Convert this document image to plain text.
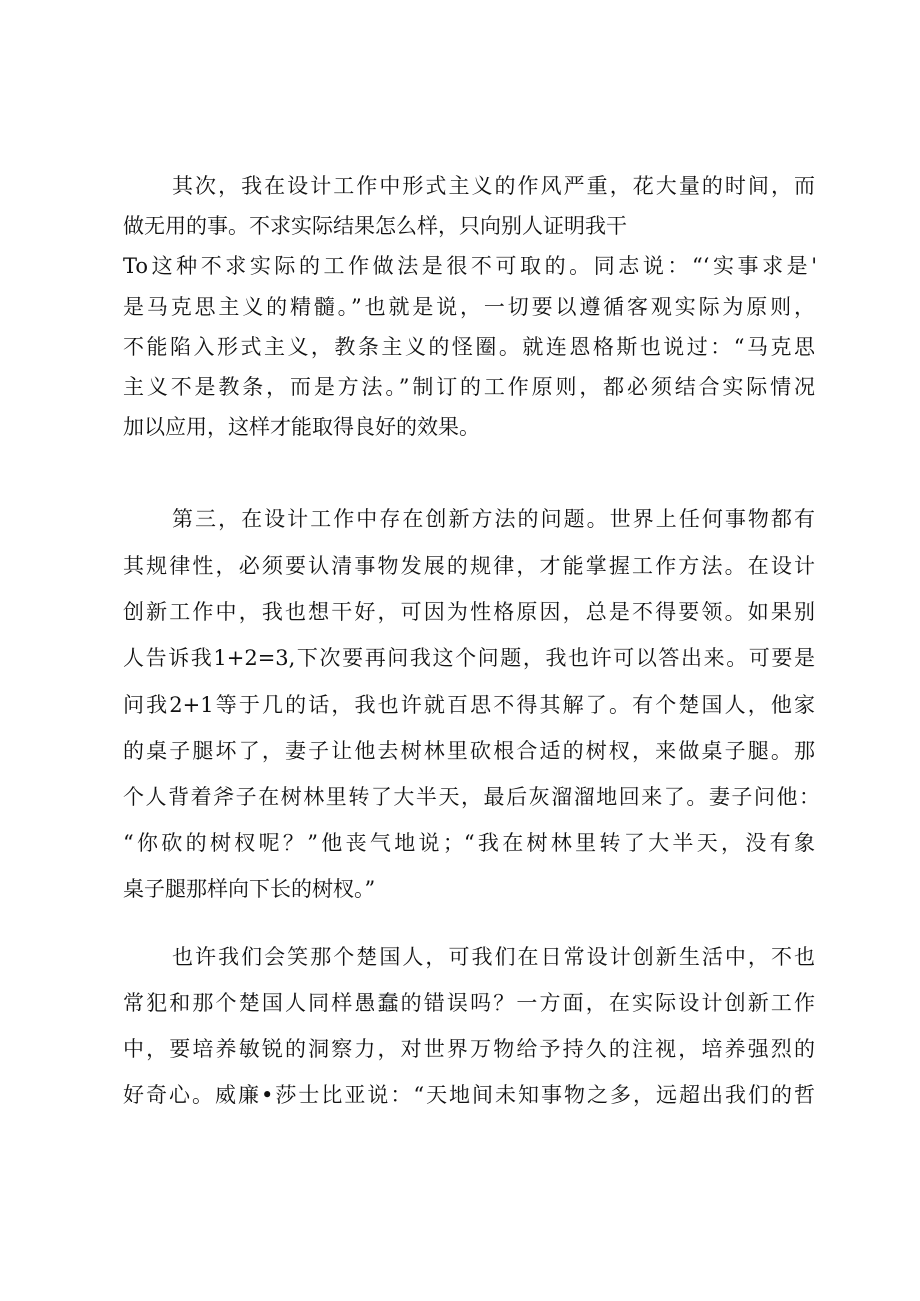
其次，我在设计工作中形式主义的作风严重，花大量的时间，而
做无用的事。不求实际结果怎么样，只向别人证明我干
To这种不求实际的工作做法是很不可取的。同志说：“‘实事求是'
是马克思主义的精髓。”也就是说，一切要以遵循客观实际为原则，
不能陷入形式主义，教条主义的怪圈。就连恩格斯也说过：“马克思
主义不是教条，而是方法。”制订的工作原则，都必须结合实际情况
加以应用，这样才能取得良好的效果。
第三，在设计工作中存在创新方法的问题。世界上任何事物都有
其规律性，必须要认清事物发展的规律，才能掌握工作方法。在设计
创新工作中，我也想干好，可因为性格原因，总是不得要领。如果别
人告诉我1+2=3,下次要再问我这个问题，我也许可以答出来。可要是
问我2+1等于几的话，我也许就百思不得其解了。有个楚国人，他家
的桌子腿坏了，妻子让他去树林里砍根合适的树杈，来做桌子腿。那
个人背着斧子在树林里转了大半天，最后灰溜溜地回来了。妻子问他：
“你砍的树杈呢？”他丧气地说；“我在树林里转了大半天，没有象
桌子腿那样向下长的树杈。”
也许我们会笑那个楚国人，可我们在日常设计创新生活中，不也
常犯和那个楚国人同样愚蠢的错误吗？一方面，在实际设计创新工作
中，要培养敏锐的洞察力，对世界万物给予持久的注视，培养强烈的
好奇心。威廉•莎士比亚说：“天地间未知事物之多，远超出我们的哲
